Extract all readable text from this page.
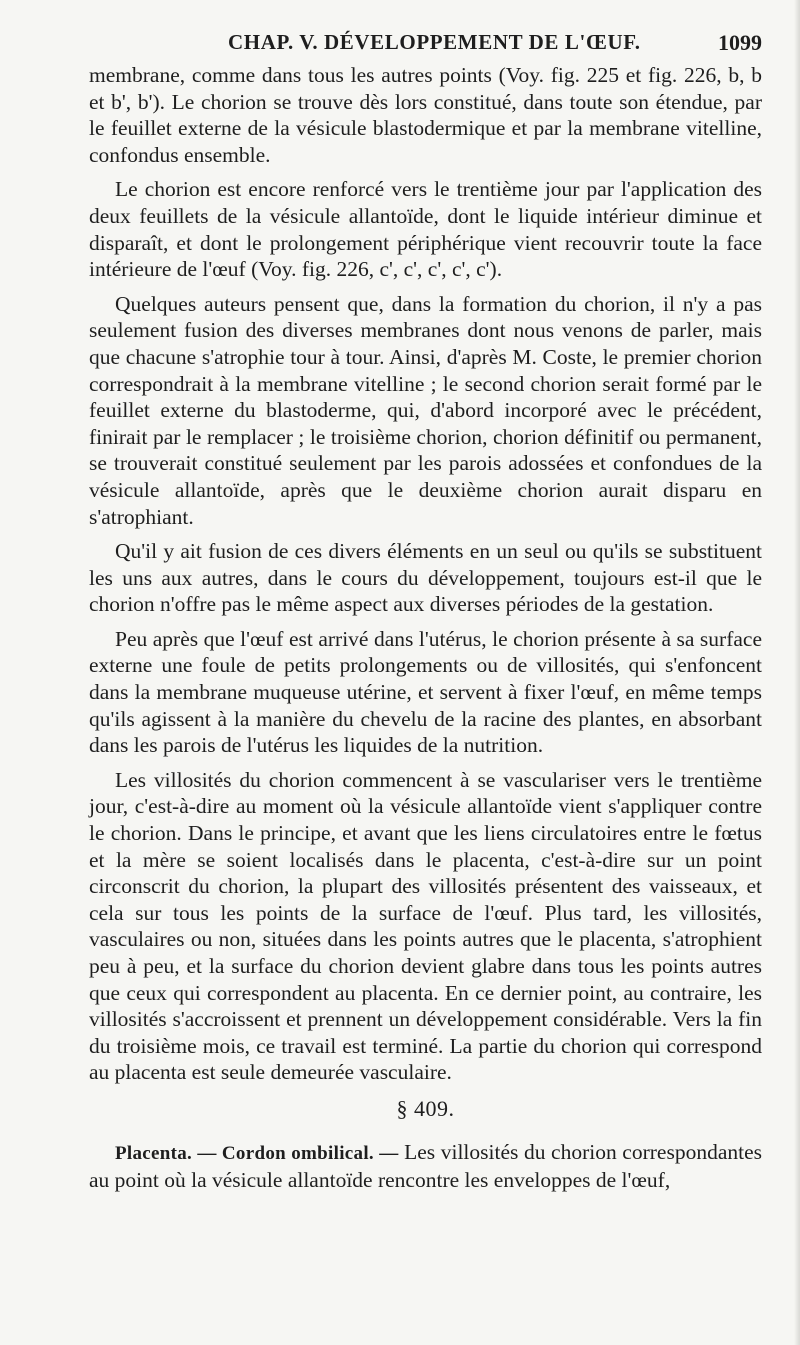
CHAP. V. DÉVELOPPEMENT DE L'ŒUF.	1099

membrane, comme dans tous les autres points (Voy. fig. 225 et fig. 226, b, b et b', b'). Le chorion se trouve dès lors constitué, dans toute son étendue, par le feuillet externe de la vésicule blastodermique et par la membrane vitelline, confondus ensemble.

Le chorion est encore renforcé vers le trentième jour par l'application des deux feuillets de la vésicule allantoïde, dont le liquide intérieur diminue et disparaît, et dont le prolongement périphérique vient recouvrir toute la face intérieure de l'œuf (Voy. fig. 226, c', c', c', c', c').

Quelques auteurs pensent que, dans la formation du chorion, il n'y a pas seulement fusion des diverses membranes dont nous venons de parler, mais que chacune s'atrophie tour à tour. Ainsi, d'après M. Coste, le premier chorion correspondrait à la membrane vitelline ; le second chorion serait formé par le feuillet externe du blastoderme, qui, d'abord incorporé avec le précédent, finirait par le remplacer ; le troisième chorion, chorion définitif ou permanent, se trouverait constitué seulement par les parois adossées et confondues de la vésicule allantoïde, après que le deuxième chorion aurait disparu en s'atrophiant.

Qu'il y ait fusion de ces divers éléments en un seul ou qu'ils se substituent les uns aux autres, dans le cours du développement, toujours est-il que le chorion n'offre pas le même aspect aux diverses périodes de la gestation.

Peu après que l'œuf est arrivé dans l'utérus, le chorion présente à sa surface externe une foule de petits prolongements ou de villosités, qui s'enfoncent dans la membrane muqueuse utérine, et servent à fixer l'œuf, en même temps qu'ils agissent à la manière du chevelu de la racine des plantes, en absorbant dans les parois de l'utérus les liquides de la nutrition.

Les villosités du chorion commencent à se vasculariser vers le trentième jour, c'est-à-dire au moment où la vésicule allantoïde vient s'appliquer contre le chorion. Dans le principe, et avant que les liens circulatoires entre le fœtus et la mère se soient localisés dans le placenta, c'est-à-dire sur un point circonscrit du chorion, la plupart des villosités présentent des vaisseaux, et cela sur tous les points de la surface de l'œuf. Plus tard, les villosités, vasculaires ou non, situées dans les points autres que le placenta, s'atrophient peu à peu, et la surface du chorion devient glabre dans tous les points autres que ceux qui correspondent au placenta. En ce dernier point, au contraire, les villosités s'accroissent et prennent un développement considérable. Vers la fin du troisième mois, ce travail est terminé. La partie du chorion qui correspond au placenta est seule demeurée vasculaire.

§ 409.

Placenta. — Cordon ombilical. — Les villosités du chorion correspondantes au point où la vésicule allantoïde rencontre les enveloppes de l'œuf,
